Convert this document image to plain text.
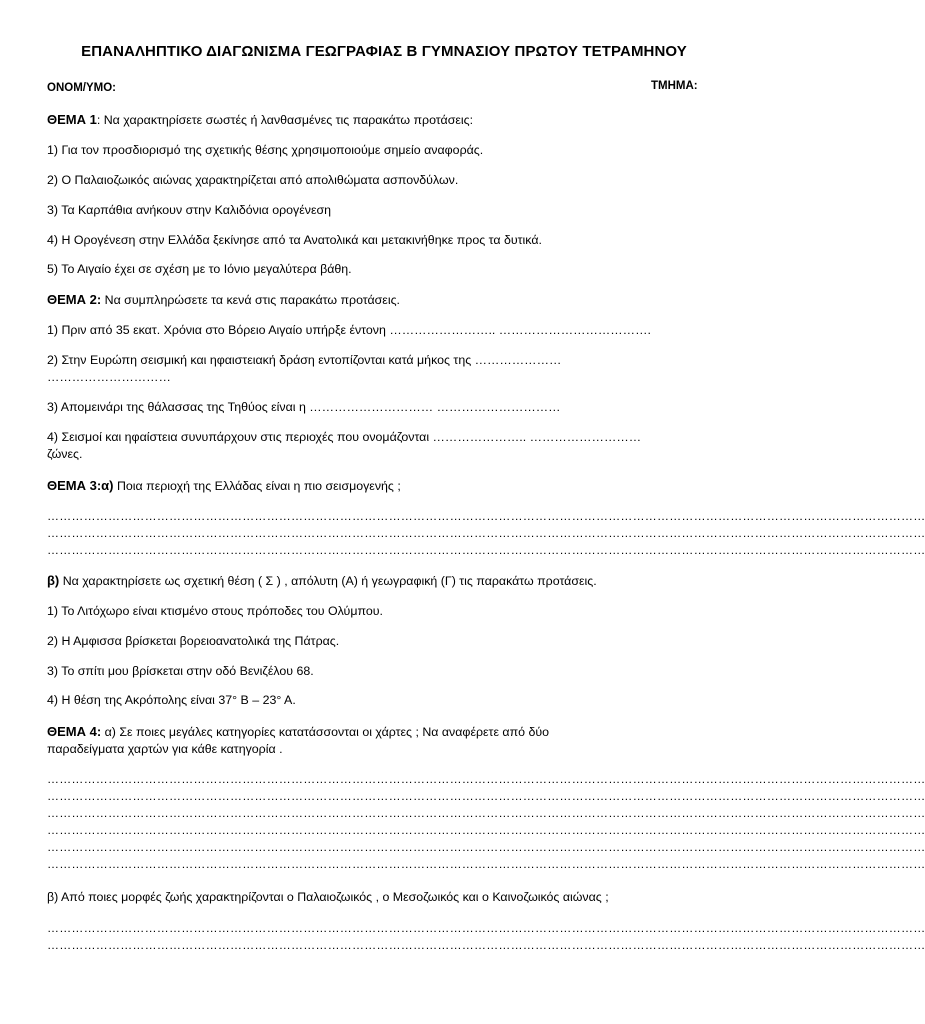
ΕΠΑΝΑΛΗΠΤΙΚΟ ΔΙΑΓΩΝΙΣΜΑ ΓΕΩΓΡΑΦΙΑΣ Β ΓΥΜΝΑΣΙΟΥ ΠΡΩΤΟΥ ΤΕΤΡΑΜΗΝΟΥ
ΟΝΟΜ/ΥΜΟ:	ΤΜΗΜΑ:
ΘΕΜΑ 1: Να χαρακτηρίσετε σωστές ή λανθασμένες τις παρακάτω προτάσεις:
1) Για τον προσδιορισμό της σχετικής θέσης χρησιμοποιούμε σημείο αναφοράς.
2) Ο Παλαιοζωικός αιώνας χαρακτηρίζεται από απολιθώματα ασπονδύλων.
3) Τα Καρπάθια ανήκουν στην Καλιδόνια ορογένεση
4) Η Ορογένεση στην Ελλάδα ξεκίνησε από τα Ανατολικά και μετακινήθηκε προς τα δυτικά.
5) Το Αιγαίο έχει σε σχέση με το Ιόνιο μεγαλύτερα βάθη.
ΘΕΜΑ 2: Να συμπληρώσετε τα κενά στις παρακάτω προτάσεις.
1) Πριν από 35 εκατ. Χρόνια στο Βόρειο Αιγαίο υπήρξε έντονη …………………….. ……………………………….
2) Στην Ευρώπη σεισμική και ηφαιστειακή δράση εντοπίζονται κατά μήκος της …………………
…………………………
3) Απομεινάρι της θάλασσας της Τηθύος είναι η ………………………… …………………………
4) Σεισμοί και ηφαίστεια συνυπάρχουν στις περιοχές που ονομάζονται ………………….. ………………………
ζώνες.
ΘΕΜΑ 3:α) Ποια περιοχή της Ελλάδας είναι η πιο σεισμογενής ;
………………………………………………………………………………………………………………………………………………………………………………………………
………………………………………………………………………………………………………………………………………………………………………………………………
………………………………………………………………………………………………………………………………………………………………………………………………
β) Να χαρακτηρίσετε ως σχετική θέση ( Σ ) , απόλυτη (Α) ή γεωγραφική (Γ) τις παρακάτω προτάσεις.
1) Το Λιτόχωρο είναι κτισμένο στους πρόποδες του Ολύμπου.
2) Η Αμφισσα βρίσκεται βορειοανατολικά της Πάτρας.
3) Το σπίτι μου βρίσκεται στην οδό Βενιζέλου 68.
4) Η θέση της Ακρόπολης είναι 37° Β – 23° Α.
ΘΕΜΑ 4: α) Σε ποιες μεγάλες κατηγορίες κατατάσσονται οι χάρτες ; Να αναφέρετε από δύο
παραδείγματα χαρτών για κάθε κατηγορία .
………………………………………………………………………………………………………………………………………………………………………………………………
………………………………………………………………………………………………………………………………………………………………………………………………
………………………………………………………………………………………………………………………………………………………………………………………………
………………………………………………………………………………………………………………………………………………………………………………………………
………………………………………………………………………………………………………………………………………………………………………………………………
………………………………………………………………………………………………………………………………………………………………………………………………
β) Από ποιες μορφές ζωής χαρακτηρίζονται ο Παλαιοζωικός , ο Μεσοζωικός και ο Καινοζωικός αιώνας ;
………………………………………………………………………………………………………………………………………………………………………………………………
………………………………………………………………………………………………………………………………………………………………………………………………
